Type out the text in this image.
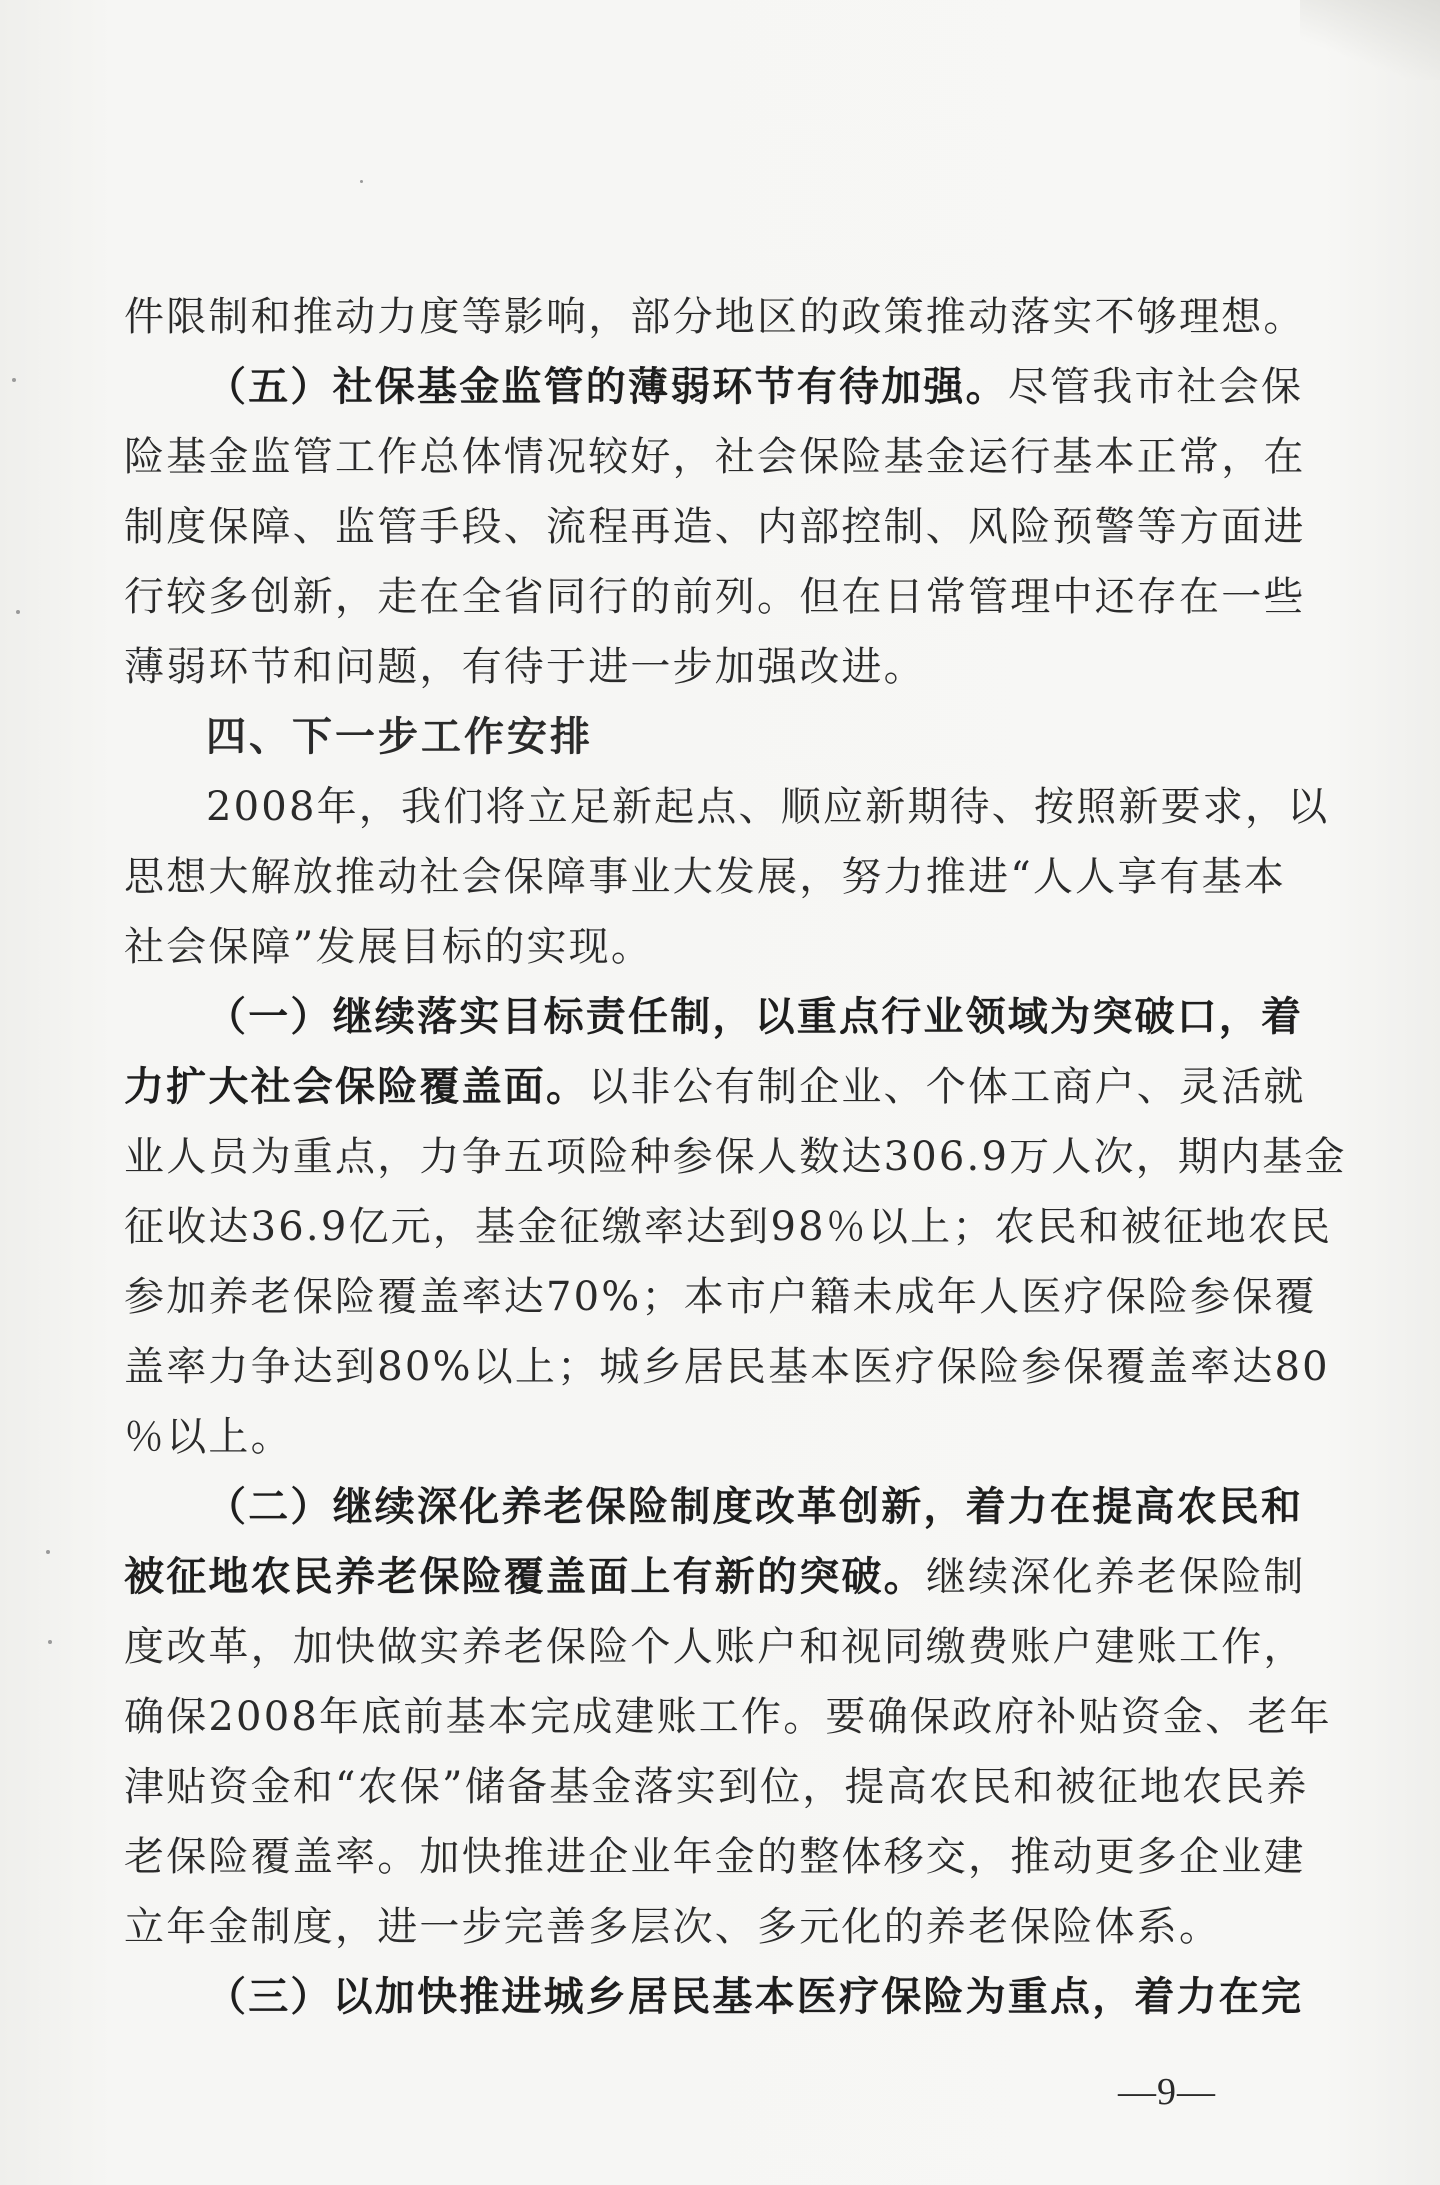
件限制和推动力度等影响，部分地区的政策推动落实不够理想。
（五）社保基金监管的薄弱环节有待加强。尽管我市社会保
险基金监管工作总体情况较好，社会保险基金运行基本正常，在
制度保障、监管手段、流程再造、内部控制、风险预警等方面进
行较多创新，走在全省同行的前列。但在日常管理中还存在一些
薄弱环节和问题，有待于进一步加强改进。
四、下一步工作安排
2008年，我们将立足新起点、顺应新期待、按照新要求，以
思想大解放推动社会保障事业大发展，努力推进“人人享有基本
社会保障”发展目标的实现。
（一）继续落实目标责任制，以重点行业领域为突破口，着
力扩大社会保险覆盖面。以非公有制企业、个体工商户、灵活就
业人员为重点，力争五项险种参保人数达306.9万人次，期内基金
征收达36.9亿元，基金征缴率达到98％以上；农民和被征地农民
参加养老保险覆盖率达70%；本市户籍未成年人医疗保险参保覆
盖率力争达到80%以上；城乡居民基本医疗保险参保覆盖率达80
％以上。
（二）继续深化养老保险制度改革创新，着力在提高农民和
被征地农民养老保险覆盖面上有新的突破。继续深化养老保险制
度改革，加快做实养老保险个人账户和视同缴费账户建账工作，
确保2008年底前基本完成建账工作。要确保政府补贴资金、老年
津贴资金和“农保”储备基金落实到位，提高农民和被征地农民养
老保险覆盖率。加快推进企业年金的整体移交，推动更多企业建
立年金制度，进一步完善多层次、多元化的养老保险体系。
（三）以加快推进城乡居民基本医疗保险为重点，着力在完
—9—
